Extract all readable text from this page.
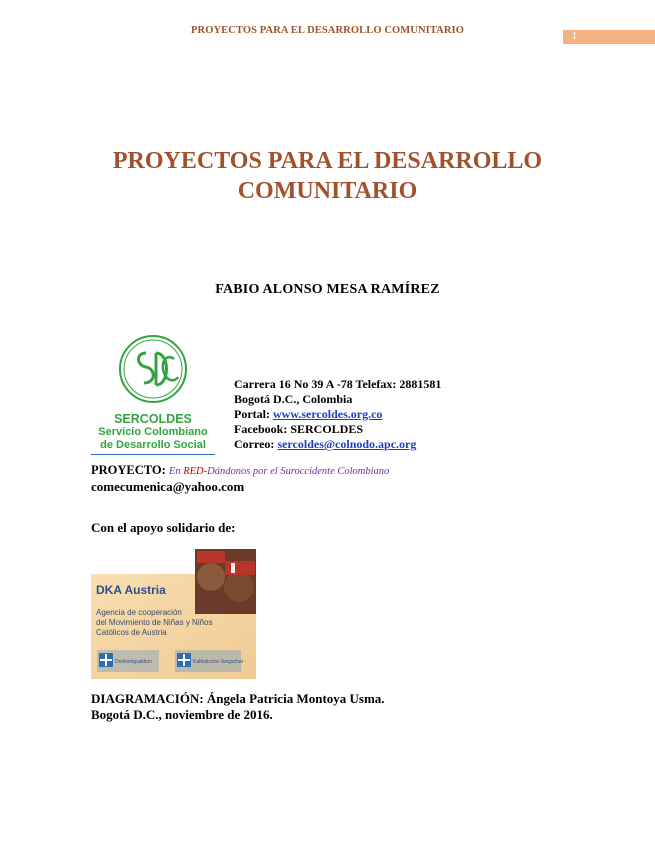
PROYECTOS PARA EL DESARROLLO COMUNITARIO
1
PROYECTOS PARA EL DESARROLLO
COMUNITARIO
FABIO ALONSO MESA RAMÍREZ
SERCOLDES
Servicio Colombiano
de Desarrollo Social
Carrera 16 No 39 A -78 Telefax: 2881581
Bogotá D.C., Colombia
Portal: www.sercoldes.org.co
Facebook: SERCOLDES
Correo: sercoldes@colnodo.apc.org
PROYECTO: En RED-Dándonos por el Suroccidente Colombiano
comecumenica@yahoo.com
Con el apoyo solidario de:
DKA Austria
Agencia de cooperación
del Movimiento de Niñas y Niños
Católicos de Austria
Dreikönigsaktion	Katholische Jungschar
DIAGRAMACIÓN: Ángela Patricia Montoya Usma.
Bogotá D.C., noviembre de 2016.
